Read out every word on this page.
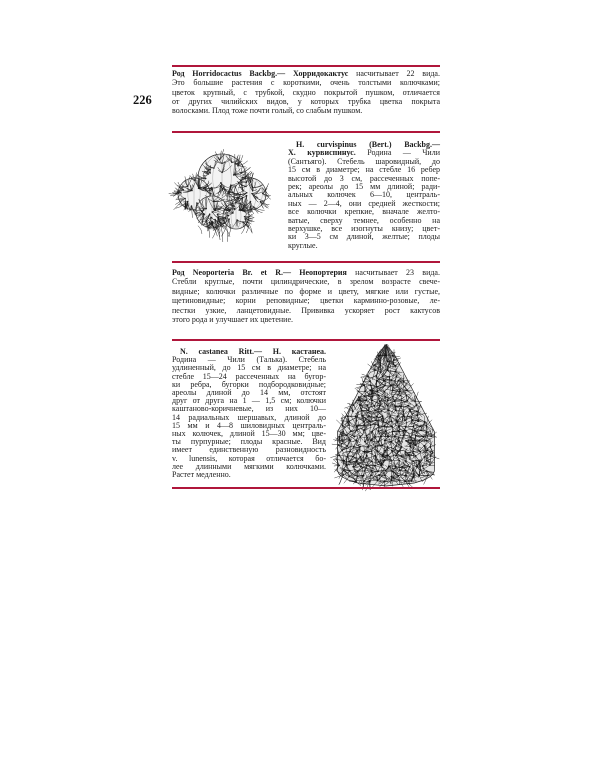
226
Род Horridocactus Backbg.— Хорридокактус насчитывает 22 вида.
Это большие растения с короткими, очень толстыми колючками;
цветок крупный, с трубкой, скудно покрытой пушком, отличается
от других чилийских видов, у которых трубка цветка покрыта
волосками. Плод тоже почти голый, со слабым пушком.
H. curvispinus (Bert.) Backbg.—
Х. курвиспинус. Родина — Чили
(Сантьяго). Стебель шаровидный, до
15 см в диаметре; на стебле 16 ребер
высотой до 3 см, рассеченных попе-
рек; ареолы до 15 мм длиной; ради-
альных колючек 6—10, централь-
ных — 2—4, они средней жесткости;
все колючки крепкие, вначале желто-
ватые, сверху темнее, особенно на
верхушке, все изогнуты книзу; цвет-
ки 3—5 см длиной, желтые; плоды
круглые.
Род Neoporteria Br. et R.— Неопортерия насчитывает 23 вида.
Стебли круглые, почти цилиндрические, в зрелом возрасте свече-
видные; колючки различные по форме и цвету, мягкие или густые,
щетиновидные; корни реповидные; цветки карминно-розовые, ле-
пестки узкие, ланцетовидные. Прививка ускоряет рост кактусов
этого рода и улучшает их цветение.
N. castanea Ritt.— Н. кастанеа.
Родина — Чили (Талька). Стебель
удлиненный, до 15 см в диаметре; на
стебле 15—24 рассеченных на бугор-
ки ребра, бугорки подбородковидные;
ареолы длиной до 14 мм, отстоят
друг от друга на 1 — 1,5 см; колючки
каштаново-коричневые, из них 10—
14 радиальных шершавых, длиной до
15 мм и 4—8 шиловидных централь-
ных колючек, длиной 15—30 мм; цве-
ты пурпурные; плоды красные. Вид
имеет единственную разновидность
v. lunensis, которая отличается бо-
лее длинными мягкими колючками.
Растет медленно.
